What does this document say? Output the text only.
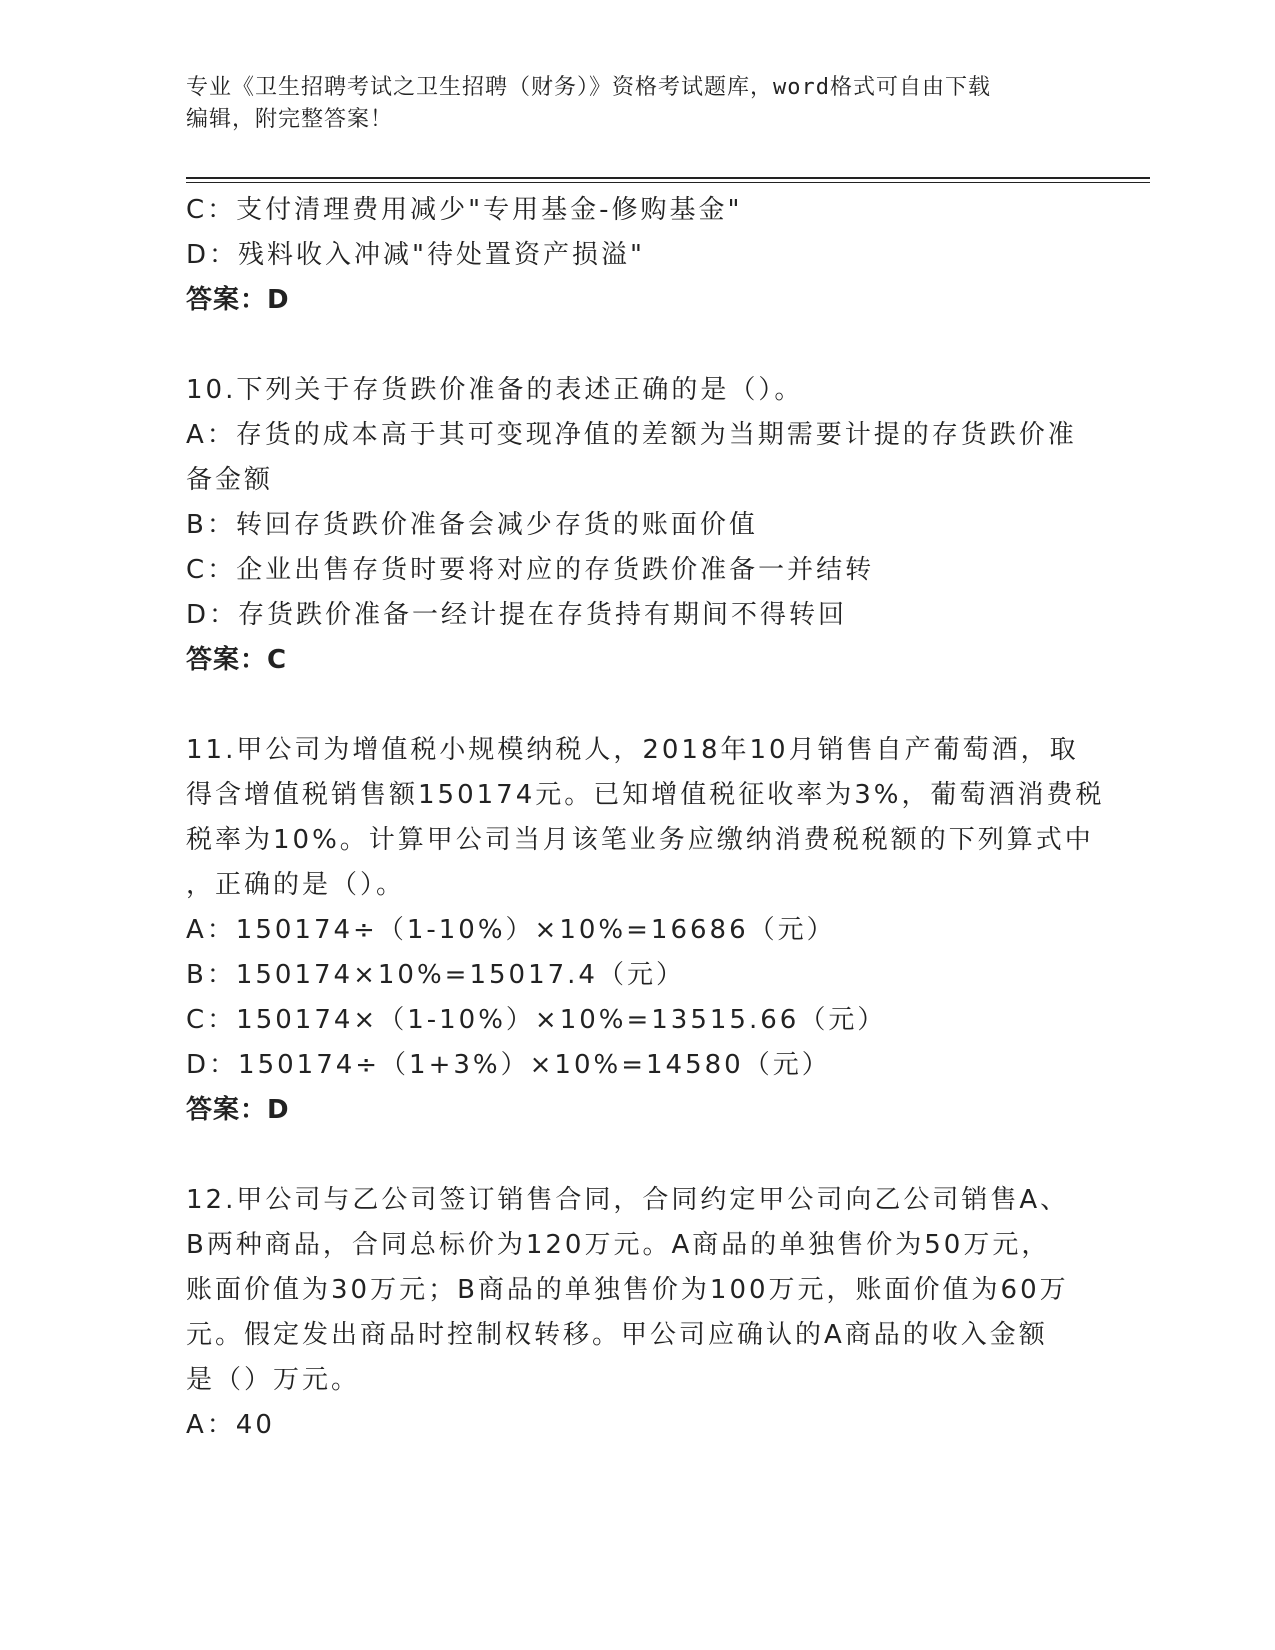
专业《卫生招聘考试之卫生招聘（财务）》资格考试题库，word格式可自由下载
编辑，附完整答案！
C：支付清理费用减少"专用基金-修购基金"
D：残料收入冲减"待处置资产损溢"
答案：D
10.下列关于存货跌价准备的表述正确的是（）。
A：存货的成本高于其可变现净值的差额为当期需要计提的存货跌价准
备金额
B：转回存货跌价准备会减少存货的账面价值
C：企业出售存货时要将对应的存货跌价准备一并结转
D：存货跌价准备一经计提在存货持有期间不得转回
答案：C
11.甲公司为增值税小规模纳税人，2018年10月销售自产葡萄酒，取
得含增值税销售额150174元。已知增值税征收率为3%，葡萄酒消费税
税率为10%。计算甲公司当月该笔业务应缴纳消费税税额的下列算式中
，正确的是（）。
A：150174÷（1-10%）×10%=16686（元）
B：150174×10%=15017.4（元）
C：150174×（1-10%）×10%=13515.66（元）
D：150174÷（1+3%）×10%=14580（元）
答案：D
12.甲公司与乙公司签订销售合同，合同约定甲公司向乙公司销售A、
B两种商品，合同总标价为120万元。A商品的单独售价为50万元，
账面价值为30万元；B商品的单独售价为100万元，账面价值为60万
元。假定发出商品时控制权转移。甲公司应确认的A商品的收入金额
是（）万元。
A：40
